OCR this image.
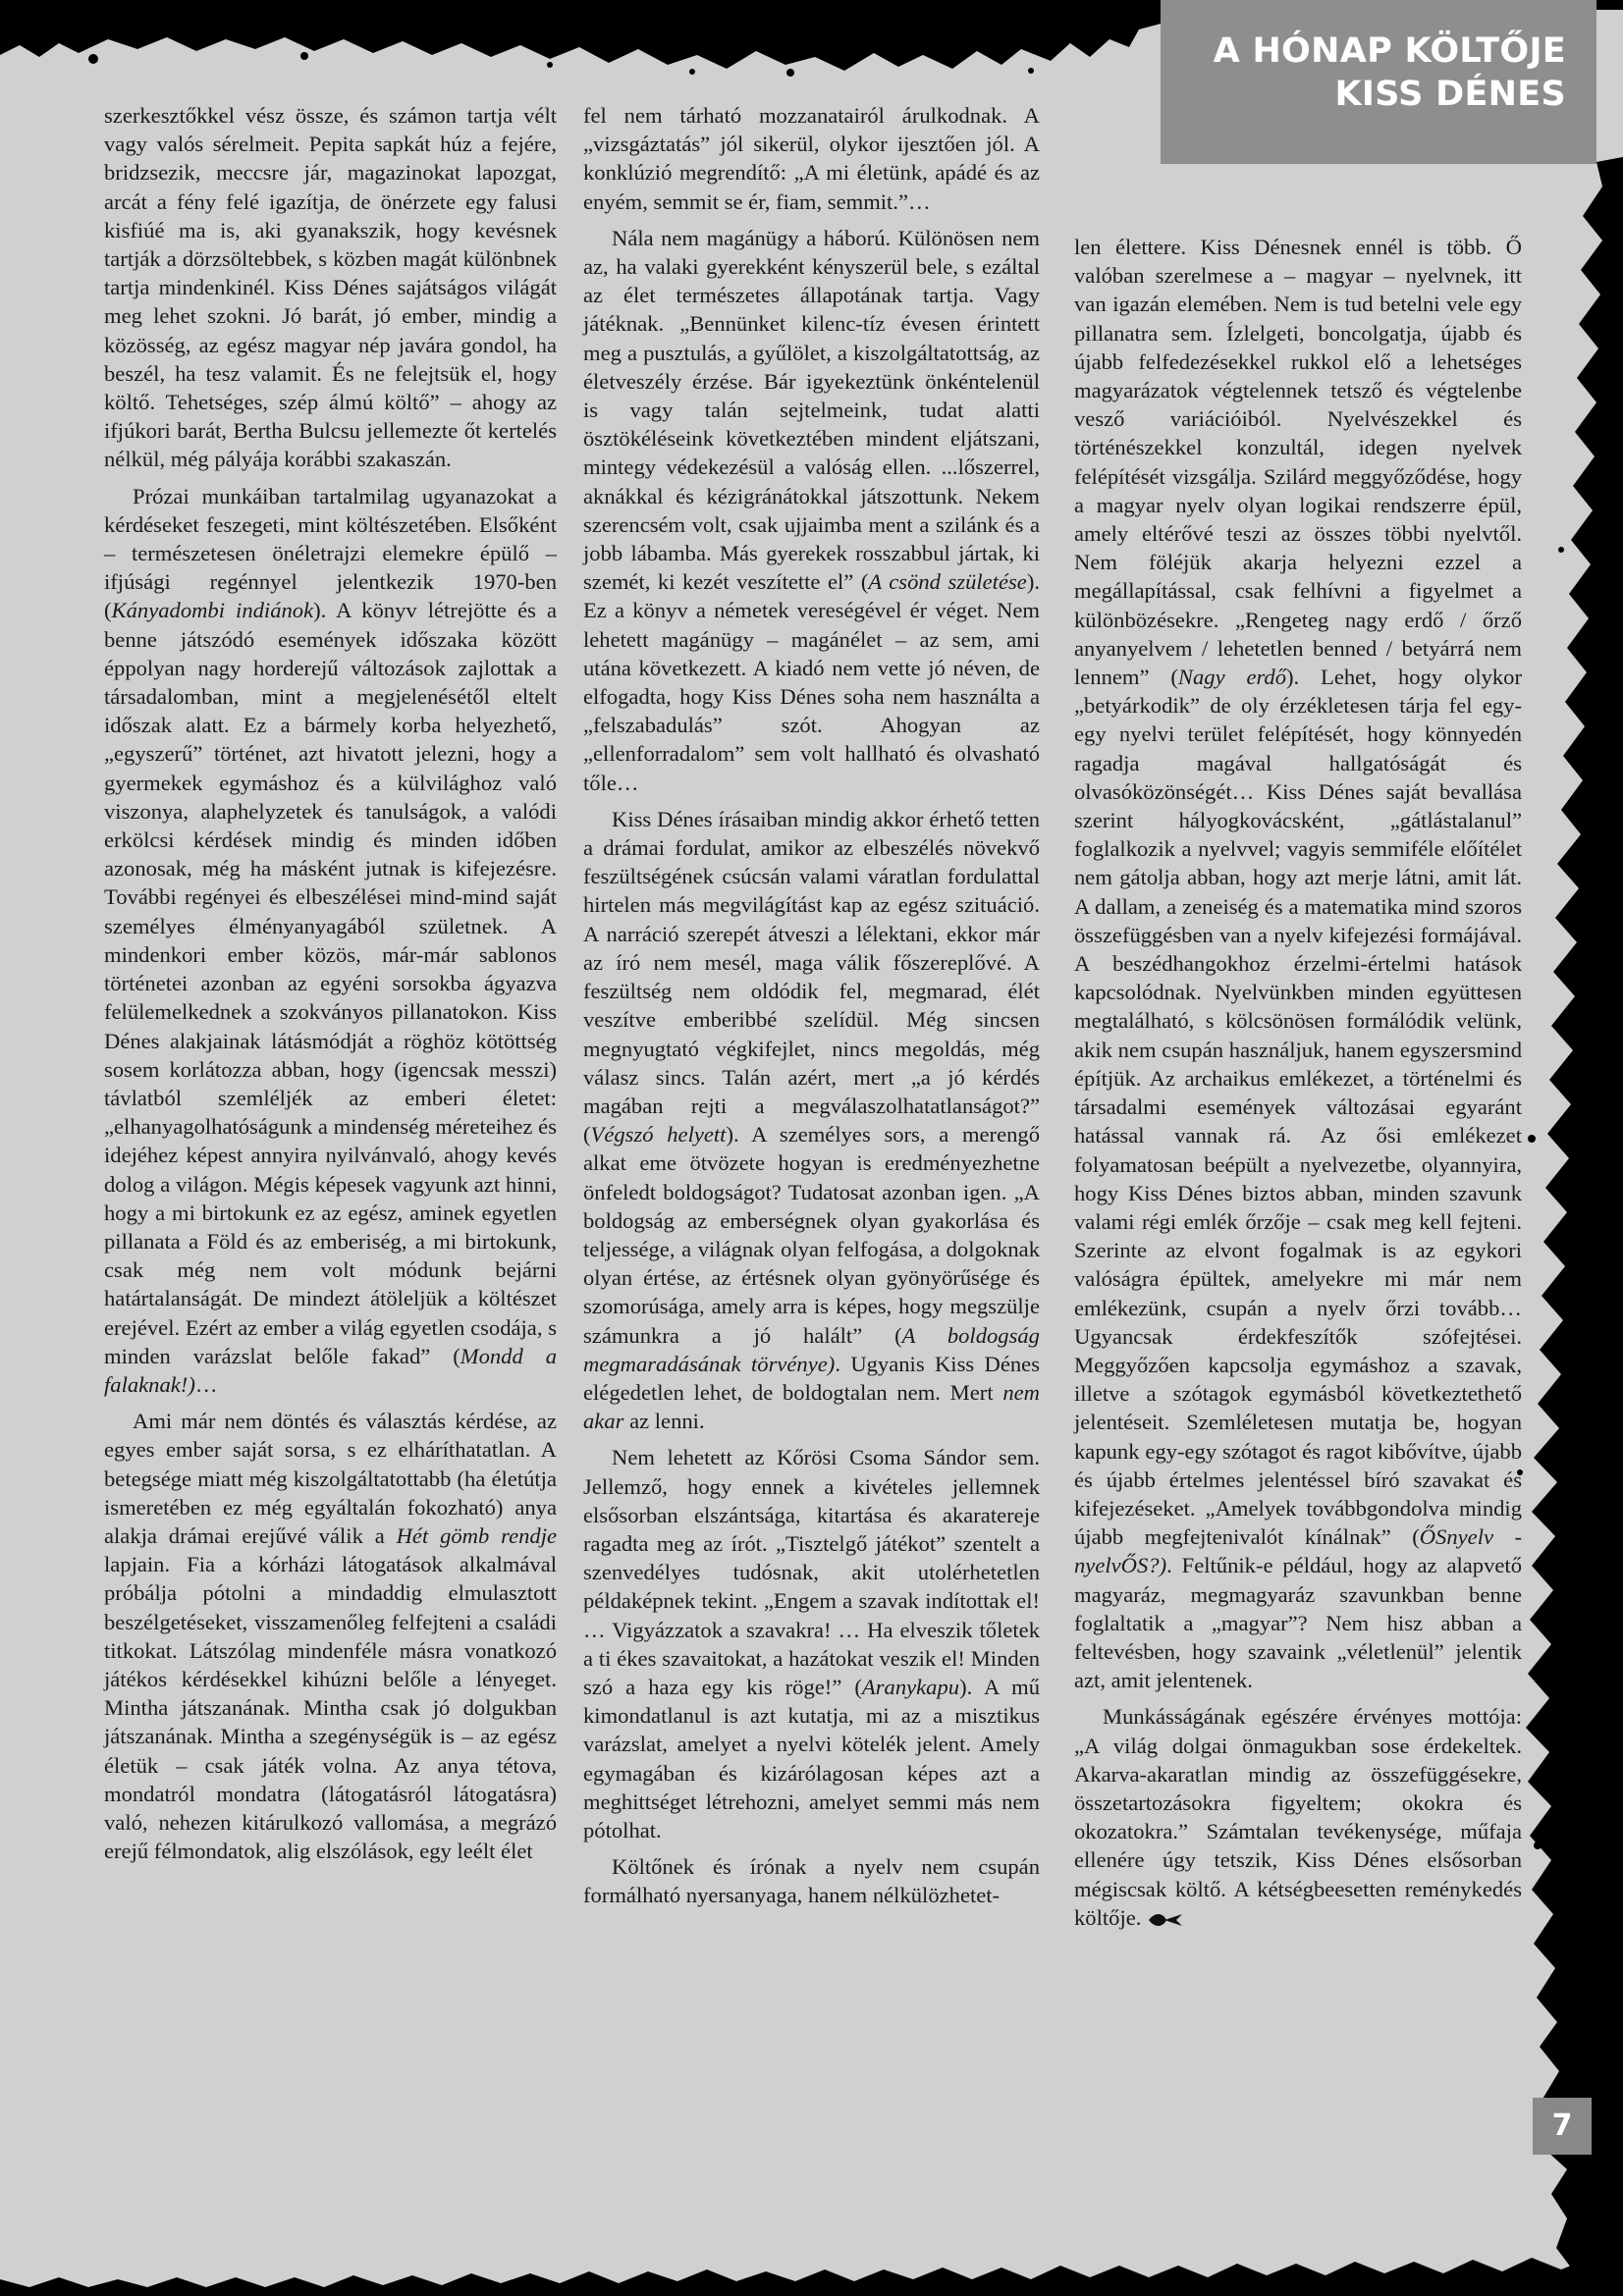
A HÓNAP KÖLTŐJE
KISS DÉNES

szerkesztőkkel vész össze, és számon tartja vélt vagy valós sérelmeit. Pepita sapkát húz a fejére, bridzsezik, meccsre jár, magazinokat lapozgat, arcát a fény felé igazítja, de önérzete egy falusi kisfiúé ma is, aki gyanakszik, hogy kevésnek tartják a dörzsöltebbek, s közben magát különbnek tartja mindenkinél. Kiss Dénes sajátságos világát meg lehet szokni. Jó barát, jó ember, mindig a közösség, az egész magyar nép javára gondol, ha beszél, ha tesz valamit. És ne felejtsük el, hogy költő. Tehetséges, szép álmú költő” – ahogy az ifjúkori barát, Bertha Bulcsu jellemezte őt kertelés nélkül, még pályája korábbi szakaszán.

Prózai munkáiban tartalmilag ugyanazokat a kérdéseket feszegeti, mint költészetében. Elsőként – természetesen önéletrajzi elemekre épülő – ifjúsági regénnyel jelentkezik 1970-ben (Kányadombi indiánok). A könyv létrejötte és a benne játszódó események időszaka között éppolyan nagy horderejű változások zajlottak a társadalomban, mint a megjelenésétől eltelt időszak alatt. Ez a bármely korba helyezhető, „egyszerű” történet, azt hivatott jelezni, hogy a gyermekek egymáshoz és a külvilághoz való viszonya, alaphelyzetek és tanulságok, a valódi erkölcsi kérdések mindig és minden időben azonosak, még ha másként jutnak is kifejezésre. További regényei és elbeszélései mind-mind saját személyes élményanyagából születnek. A mindenkori ember közös, már-már sablonos történetei azonban az egyéni sorsokba ágyazva felülemelkednek a szokványos pillanatokon. Kiss Dénes alakjainak látásmódját a röghöz kötöttség sosem korlátozza abban, hogy (igencsak messzi) távlatból szemléljék az emberi életet: „elhanyagolhatóságunk a mindenség méreteihez és idejéhez képest annyira nyilvánvaló, ahogy kevés dolog a világon. Mégis képesek vagyunk azt hinni, hogy a mi birtokunk ez az egész, aminek egyetlen pillanata a Föld és az emberiség, a mi birtokunk, csak még nem volt módunk bejárni határtalanságát. De mindezt átöleljük a költészet erejével. Ezért az ember a világ egyetlen csodája, s minden varázslat belőle fakad” (Mondd a falaknak!)…

Ami már nem döntés és választás kérdése, az egyes ember saját sorsa, s ez elháríthatatlan. A betegsége miatt még kiszolgáltatottabb (ha életútja ismeretében ez még egyáltalán fokozható) anya alakja drámai erejűvé válik a Hét gömb rendje lapjain. Fia a kórházi látogatások alkalmával próbálja pótolni a mindaddig elmulasztott beszélgetéseket, visszamenőleg felfejteni a családi titkokat. Látszólag mindenféle másra vonatkozó játékos kérdésekkel kihúzni belőle a lényeget. Mintha játszanának. Mintha csak jó dolgukban játszanának. Mintha a szegénységük is – az egész életük – csak játék volna. Az anya tétova, mondatról mondatra (látogatásról látogatásra) való, nehezen kitárulkozó vallomása, a megrázó erejű félmondatok, alig elszólások, egy leélt élet

fel nem tárható mozzanatairól árulkodnak. A „vizsgáztatás” jól sikerül, olykor ijesztően jól. A konklúzió megrendítő: „A mi életünk, apádé és az enyém, semmit se ér, fiam, semmit.”…

Nála nem magánügy a háború. Különösen nem az, ha valaki gyerekként kényszerül bele, s ezáltal az élet természetes állapotának tartja. Vagy játéknak. „Bennünket kilenc-tíz évesen érintett meg a pusztulás, a gyűlölet, a kiszolgáltatottság, az életveszély érzése. Bár igyekeztünk önkéntelenül is vagy talán sejtelmeink, tudat alatti ösztökéléseink következtében mindent eljátszani, mintegy védekezésül a valóság ellen. ...lőszerrel, aknákkal és kézigránátokkal játszottunk. Nekem szerencsém volt, csak ujjaimba ment a szilánk és a jobb lábamba. Más gyerekek rosszabbul jártak, ki szemét, ki kezét veszítette el” (A csönd születése). Ez a könyv a németek vereségével ér véget. Nem lehetett magánügy – magánélet – az sem, ami utána következett. A kiadó nem vette jó néven, de elfogadta, hogy Kiss Dénes soha nem használta a „felszabadulás” szót. Ahogyan az „ellenforradalom” sem volt hallható és olvasható tőle…

Kiss Dénes írásaiban mindig akkor érhető tetten a drámai fordulat, amikor az elbeszélés növekvő feszültségének csúcsán valami váratlan fordulattal hirtelen más megvilágítást kap az egész szituáció. A narráció szerepét átveszi a lélektani, ekkor már az író nem mesél, maga válik főszereplővé. A feszültség nem oldódik fel, megmarad, élét veszítve emberibbé szelídül. Még sincsen megnyugtató végkifejlet, nincs megoldás, még válasz sincs. Talán azért, mert „a jó kérdés magában rejti a megválaszolhatatlanságot?” (Végszó helyett). A személyes sors, a merengő alkat eme ötvözete hogyan is eredményezhetne önfeledt boldogságot? Tudatosat azonban igen. „A boldogság az emberségnek olyan gyakorlása és teljessége, a világnak olyan felfogása, a dolgoknak olyan értése, az értésnek olyan gyönyörűsége és szomorúsága, amely arra is képes, hogy megszülje számunkra a jó halált” (A boldogság megmaradásának törvénye). Ugyanis Kiss Dénes elégedetlen lehet, de boldogtalan nem. Mert nem akar az lenni.

Nem lehetett az Kőrösi Csoma Sándor sem. Jellemző, hogy ennek a kivételes jellemnek elsősorban elszántsága, kitartása és akaratereje ragadta meg az írót. „Tisztelgő játékot” szentelt a szenvedélyes tudósnak, akit utolérhetetlen példaképnek tekint. „Engem a szavak indítottak el! … Vigyázzatok a szavakra! … Ha elveszik tőletek a ti ékes szavaitokat, a hazátokat veszik el! Minden szó a haza egy kis röge!” (Aranykapu). A mű kimondatlanul is azt kutatja, mi az a misztikus varázslat, amelyet a nyelvi kötelék jelent. Amely egymagában és kizárólagosan képes azt a meghittséget létrehozni, amelyet semmi más nem pótolhat.

Költőnek és írónak a nyelv nem csupán formálható nyersanyaga, hanem nélkülözhetet-

len élettere. Kiss Dénesnek ennél is több. Ő valóban szerelmese a – magyar – nyelvnek, itt van igazán elemében. Nem is tud betelni vele egy pillanatra sem. Ízlelgeti, boncolgatja, újabb és újabb felfedezésekkel rukkol elő a lehetséges magyarázatok végtelennek tetsző és végtelenbe vesző variációiból. Nyelvészekkel és történészekkel konzultál, idegen nyelvek felépítését vizsgálja. Szilárd meggyőződése, hogy a magyar nyelv olyan logikai rendszerre épül, amely eltérővé teszi az összes többi nyelvtől. Nem föléjük akarja helyezni ezzel a megállapítással, csak felhívni a figyelmet a különbözésekre. „Rengeteg nagy erdő / őrző anyanyelvem / lehetetlen benned / betyárrá nem lennem” (Nagy erdő). Lehet, hogy olykor „betyárkodik” de oly érzékletesen tárja fel egy-egy nyelvi terület felépítését, hogy könnyedén ragadja magával hallgatóságát és olvasóközönségét… Kiss Dénes saját bevallása szerint hályogkovácsként, „gátlástalanul” foglalkozik a nyelvvel; vagyis semmiféle előítélet nem gátolja abban, hogy azt merje látni, amit lát. A dallam, a zeneiség és a matematika mind szoros összefüggésben van a nyelv kifejezési formájával. A beszédhangokhoz érzelmi-értelmi hatások kapcsolódnak. Nyelvünkben minden együttesen megtalálható, s kölcsönösen formálódik velünk, akik nem csupán használjuk, hanem egyszersmind építjük. Az archaikus emlékezet, a történelmi és társadalmi események változásai egyaránt hatással vannak rá. Az ősi emlékezet folyamatosan beépült a nyelvezetbe, olyannyira, hogy Kiss Dénes biztos abban, minden szavunk valami régi emlék őrzője – csak meg kell fejteni. Szerinte az elvont fogalmak is az egykori valóságra épültek, amelyekre mi már nem emlékezünk, csupán a nyelv őrzi tovább… Ugyancsak érdekfeszítők szófejtései. Meggyőzően kapcsolja egymáshoz a szavak, illetve a szótagok egymásból következtethető jelentéseit. Szemléletesen mutatja be, hogyan kapunk egy-egy szótagot és ragot kibővítve, újabb és újabb értelmes jelentéssel bíró szavakat és kifejezéseket. „Amelyek továbbgondolva mindig újabb megfejtenivalót kínálnak” (ŐSnyelv - nyelvŐS?). Feltűnik-e például, hogy az alapvető magyaráz, megmagyaráz szavunkban benne foglaltatik a „magyar”? Nem hisz abban a feltevésben, hogy szavaink „véletlenül” jelentik azt, amit jelentenek.

Munkásságának egészére érvényes mottója: „A világ dolgai önmagukban sose érdekeltek. Akarva-akaratlan mindig az összefüggésekre, összetartozásokra figyeltem; okokra és okozatokra.” Számtalan tevékenysége, műfaja ellenére úgy tetszik, Kiss Dénes elsősorban mégiscsak költő. A kétségbeesetten reménykedés költője.

7
